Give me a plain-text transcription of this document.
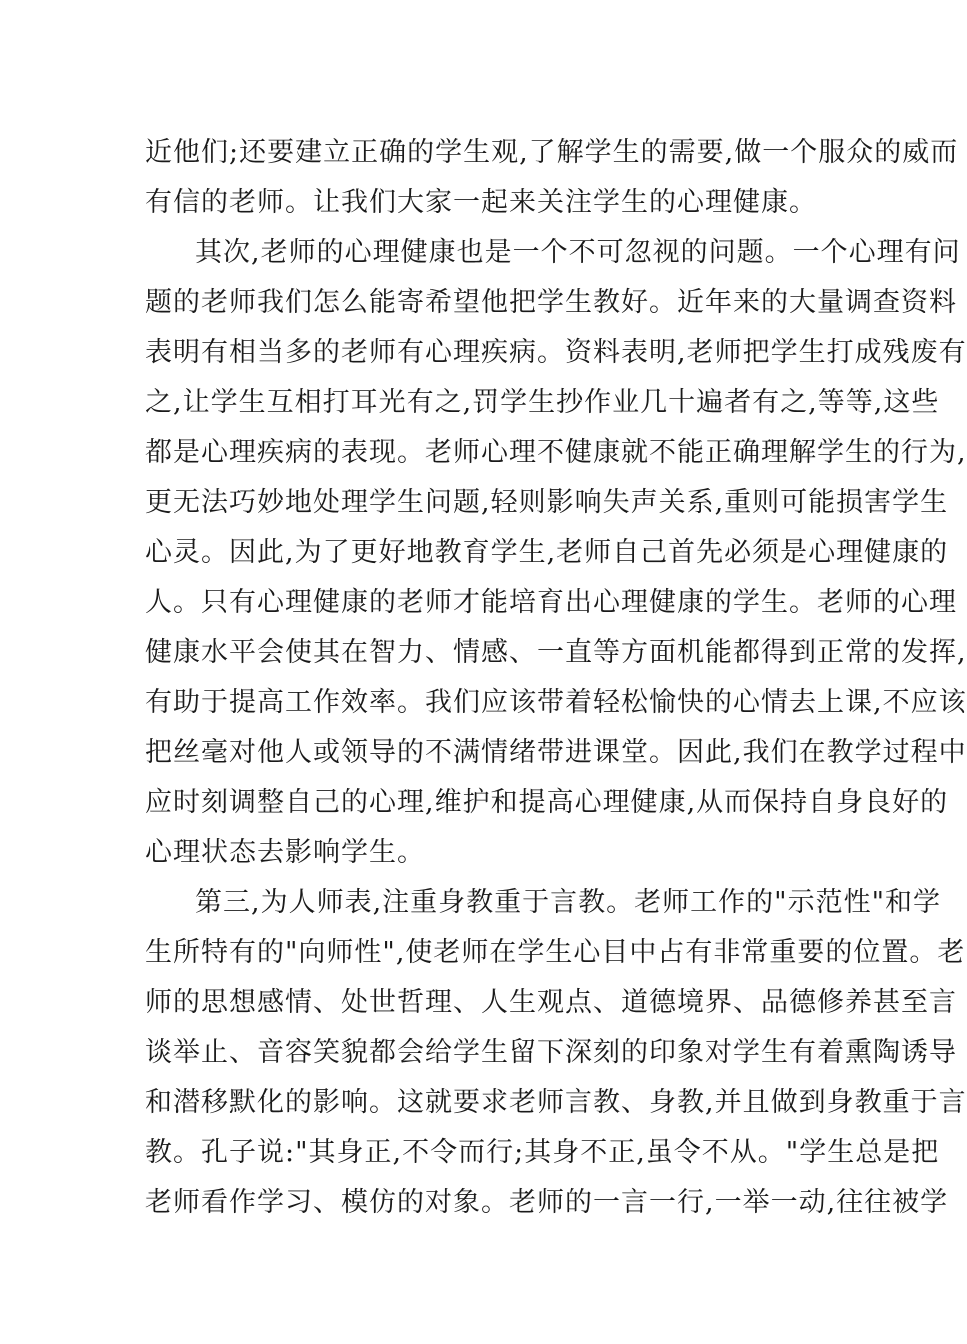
近他们;还要建立正确的学生观,了解学生的需要,做一个服众的威而
有信的老师。让我们大家一起来关注学生的心理健康。
其次,老师的心理健康也是一个不可忽视的问题。一个心理有问
题的老师我们怎么能寄希望他把学生教好。近年来的大量调查资料
表明有相当多的老师有心理疾病。资料表明,老师把学生打成残废有
之,让学生互相打耳光有之,罚学生抄作业几十遍者有之,等等,这些
都是心理疾病的表现。老师心理不健康就不能正确理解学生的行为,
更无法巧妙地处理学生问题,轻则影响失声关系,重则可能损害学生
心灵。因此,为了更好地教育学生,老师自己首先必须是心理健康的
人。只有心理健康的老师才能培育出心理健康的学生。老师的心理
健康水平会使其在智力、情感、一直等方面机能都得到正常的发挥,
有助于提高工作效率。我们应该带着轻松愉快的心情去上课,不应该
把丝毫对他人或领导的不满情绪带进课堂。因此,我们在教学过程中
应时刻调整自己的心理,维护和提高心理健康,从而保持自身良好的
心理状态去影响学生。
第三,为人师表,注重身教重于言教。老师工作的"示范性"和学
生所特有的"向师性",使老师在学生心目中占有非常重要的位置。老
师的思想感情、处世哲理、人生观点、道德境界、品德修养甚至言
谈举止、音容笑貌都会给学生留下深刻的印象对学生有着熏陶诱导
和潜移默化的影响。这就要求老师言教、身教,并且做到身教重于言
教。孔子说:"其身正,不令而行;其身不正,虽令不从。"学生总是把
老师看作学习、模仿的对象。老师的一言一行,一举一动,往往被学
